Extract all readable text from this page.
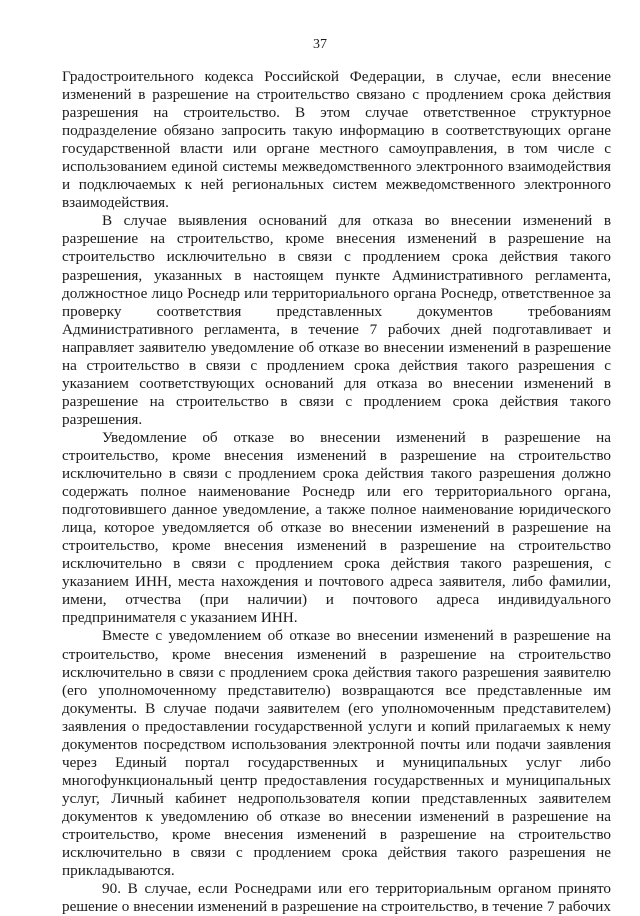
37

Градостроительного кодекса Российской Федерации, в случае, если внесение изменений в разрешение на строительство связано с продлением срока действия разрешения на строительство. В этом случае ответственное структурное подразделение обязано запросить такую информацию в соответствующих органе государственной власти или органе местного самоуправления, в том числе с использованием единой системы межведомственного электронного взаимодействия и подключаемых к ней региональных систем межведомственного электронного взаимодействия.

В случае выявления оснований для отказа во внесении изменений в разрешение на строительство, кроме внесения изменений в разрешение на строительство исключительно в связи с продлением срока действия такого разрешения, указанных в настоящем пункте Административного регламента, должностное лицо Роснедр или территориального органа Роснедр, ответственное за проверку соответствия представленных документов требованиям Административного регламента, в течение 7 рабочих дней подготавливает и направляет заявителю уведомление об отказе во внесении изменений в разрешение на строительство в связи с продлением срока действия такого разрешения с указанием соответствующих оснований для отказа во внесении изменений в разрешение на строительство в связи с продлением срока действия такого разрешения.

Уведомление об отказе во внесении изменений в разрешение на строительство, кроме внесения изменений в разрешение на строительство исключительно в связи с продлением срока действия такого разрешения должно содержать полное наименование Роснедр или его территориального органа, подготовившего данное уведомление, а также полное наименование юридического лица, которое уведомляется об отказе во внесении изменений в разрешение на строительство, кроме внесения изменений в разрешение на строительство исключительно в связи с продлением срока действия такого разрешения, с указанием ИНН, места нахождения и почтового адреса заявителя, либо фамилии, имени, отчества (при наличии) и почтового адреса индивидуального предпринимателя с указанием ИНН.

Вместе с уведомлением об отказе во внесении изменений в разрешение на строительство, кроме внесения изменений в разрешение на строительство исключительно в связи с продлением срока действия такого разрешения заявителю (его уполномоченному представителю) возвращаются все представленные им документы. В случае подачи заявителем (его уполномоченным представителем) заявления о предоставлении государственной услуги и копий прилагаемых к нему документов посредством использования электронной почты или подачи заявления через Единый портал государственных и муниципальных услуг либо многофункциональный центр предоставления государственных и муниципальных услуг, Личный кабинет недропользователя копии представленных заявителем документов к уведомлению об отказе во внесении изменений в разрешение на строительство, кроме внесения изменений в разрешение на строительство исключительно в связи с продлением срока действия такого разрешения не прикладываются.

90. В случае, если Роснедрами или его территориальным органом принято решение о внесении изменений в разрешение на строительство, в течение 7 рабочих
